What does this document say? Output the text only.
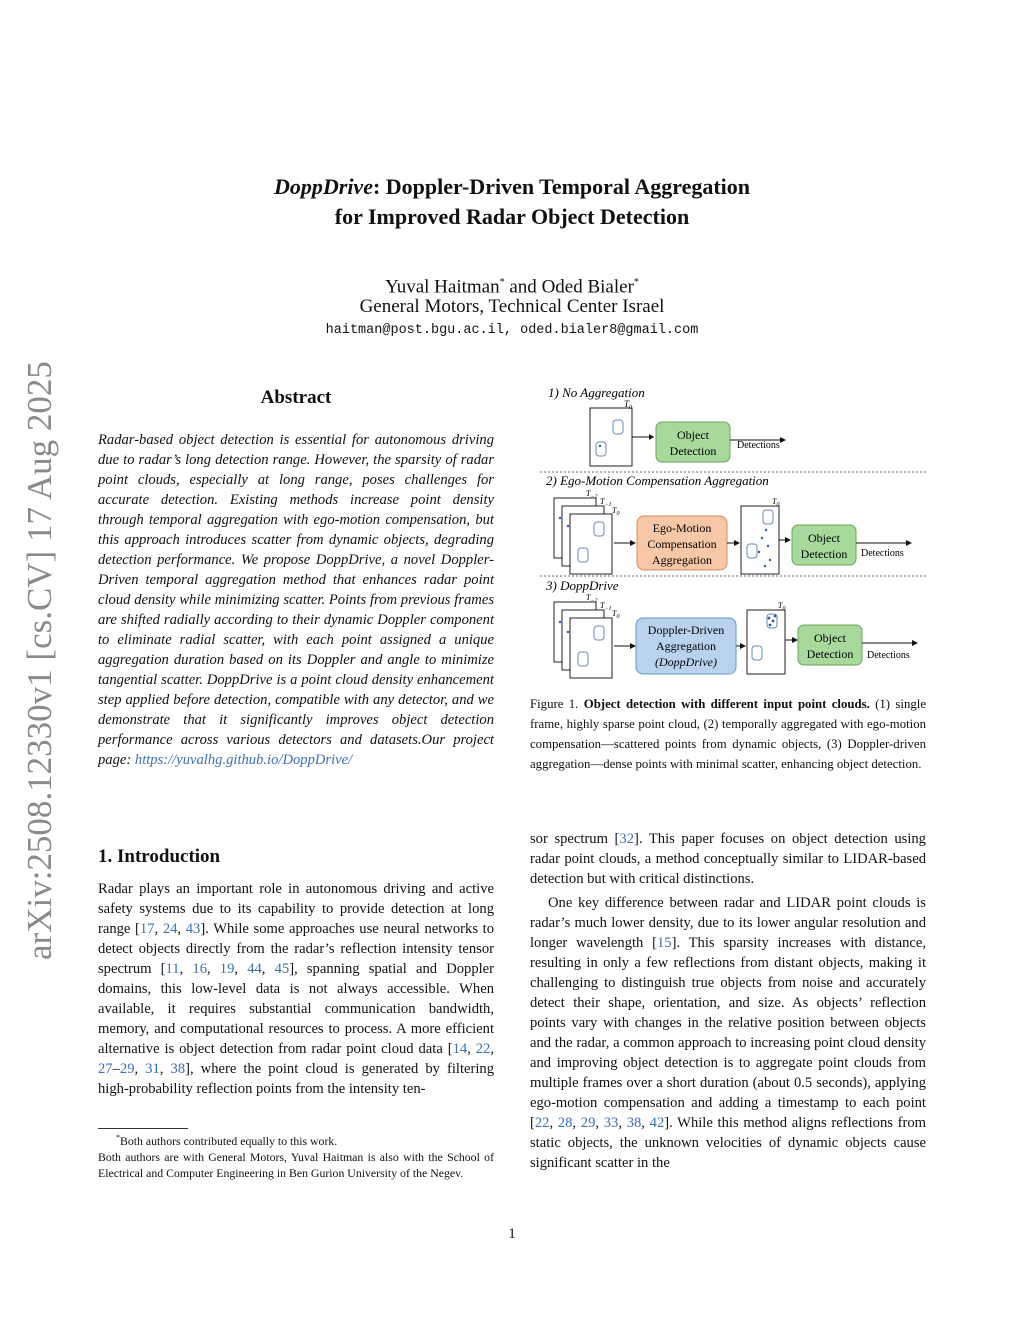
arXiv:2508.12330v1 [cs.CV] 17 Aug 2025
DoppDrive: Doppler-Driven Temporal Aggregation
for Improved Radar Object Detection
Yuval Haitman* and Oded Bialer*
General Motors, Technical Center Israel
haitman@post.bgu.ac.il, oded.bialer8@gmail.com
Abstract
Radar-based object detection is essential for autonomous driving due to radar’s long detection range. However, the sparsity of radar point clouds, especially at long range, poses challenges for accurate detection. Existing methods increase point density through temporal aggregation with ego-motion compensation, but this approach introduces scatter from dynamic objects, degrading detection performance. We propose DoppDrive, a novel Doppler-Driven temporal aggregation method that enhances radar point cloud density while minimizing scatter. Points from previous frames are shifted radially according to their dynamic Doppler component to eliminate radial scatter, with each point assigned a unique aggregation duration based on its Doppler and angle to minimize tangential scatter. DoppDrive is a point cloud density enhancement step applied before detection, compatible with any detector, and we demonstrate that it significantly improves object detection performance across various detectors and datasets.Our project page: https://yuvalhg.github.io/DoppDrive/
1. Introduction
Radar plays an important role in autonomous driving and active safety systems due to its capability to provide detection at long range [17, 24, 43]. While some approaches use neural networks to detect objects directly from the radar’s reflection intensity tensor spectrum [11, 16, 19, 44, 45], spanning spatial and Doppler domains, this low-level data is not always accessible. When available, it requires substantial communication bandwidth, memory, and computational resources to process. A more efficient alternative is object detection from radar point cloud data [14, 22, 27–29, 31, 38], where the point cloud is generated by filtering high-probability reflection points from the intensity ten-
*Both authors contributed equally to this work.
Both authors are with General Motors, Yuval Haitman is also with the School of Electrical and Computer Engineering in Ben Gurion University of the Negev.
1) No Aggregation
$T_0$
Object
Detection Detections
2) Ego-Motion Compensation Aggregation
$T_{-2}$ $T_{-1}$
$T_0$
Ego-Motion
Compensation
Aggregation
$T_0$
Object
Detection Detections
3) DoppDrive
$T_{-2}$ $T_{-1}$ $T_0$
Doppler-Driven
Aggregation
(DoppDrive)
$T_0$
Object
Detection Detections
Figure 1. Object detection with different input point clouds. (1) single frame, highly sparse point cloud, (2) temporally aggregated with ego-motion compensation—scattered points from dynamic objects, (3) Doppler-driven aggregation—dense points with minimal scatter, enhancing object detection.

sor spectrum [32]. This paper focuses on object detection using radar point clouds, a method conceptually similar to LIDAR-based detection but with critical distinctions.

One key difference between radar and LIDAR point clouds is radar’s much lower density, due to its lower angular resolution and longer wavelength [15]. This sparsity increases with distance, resulting in only a few reflections from distant objects, making it challenging to distinguish true objects from noise and accurately detect their shape, orientation, and size. As objects’ reflection points vary with changes in the relative position between objects and the radar, a common approach to increasing point cloud density and improving object detection is to aggregate point clouds from multiple frames over a short duration (about 0.5 seconds), applying ego-motion compensation and adding a timestamp to each point [22, 28, 29, 33, 38, 42]. While this method aligns reflections from static objects, the unknown velocities of dynamic objects cause significant scatter in the

1
